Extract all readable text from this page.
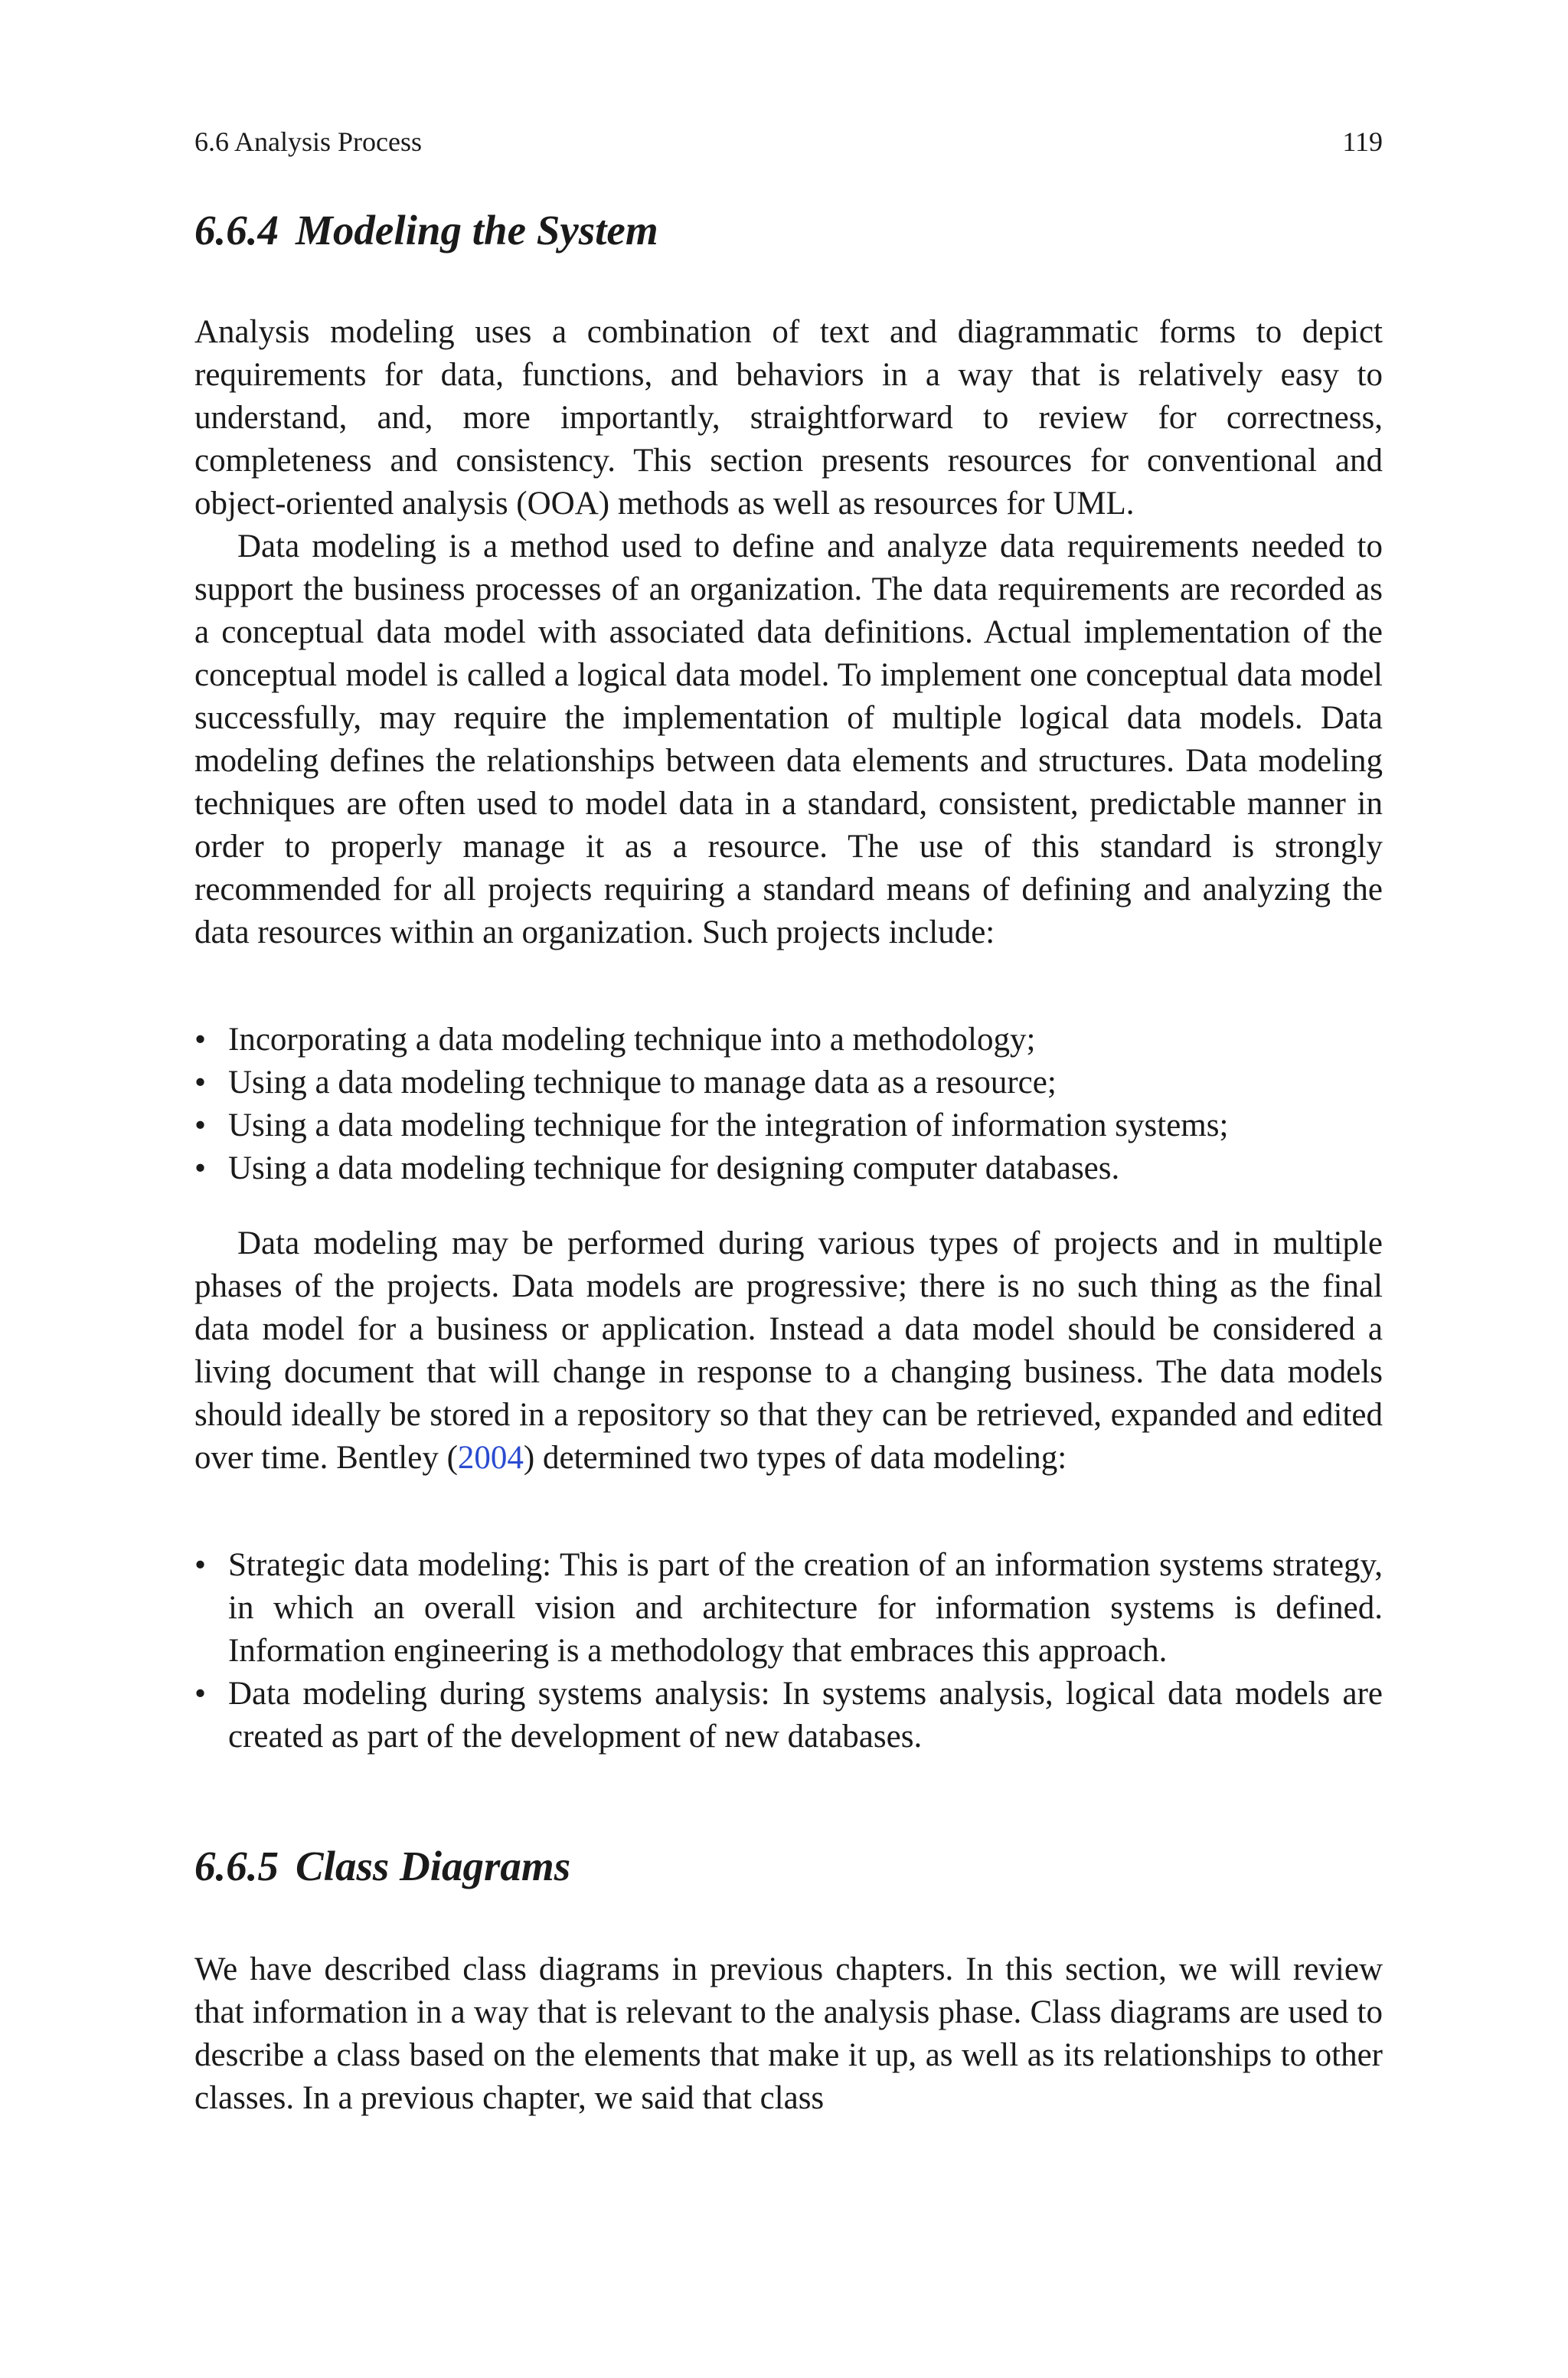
6.6 Analysis Process	119
6.6.4 Modeling the System

Analysis modeling uses a combination of text and diagrammatic forms to depict requirements for data, functions, and behaviors in a way that is relatively easy to understand, and, more importantly, straightforward to review for correctness, completeness and consistency. This section presents resources for conventional and object-oriented analysis (OOA) methods as well as resources for UML.

Data modeling is a method used to define and analyze data requirements needed to support the business processes of an organization. The data requirements are recorded as a conceptual data model with associated data definitions. Actual implementation of the conceptual model is called a logical data model. To implement one conceptual data model successfully, may require the implementation of multiple logical data models. Data modeling defines the relationships between data elements and structures. Data modeling techniques are often used to model data in a standard, consistent, predictable manner in order to properly manage it as a resource. The use of this standard is strongly recommended for all projects requiring a standard means of defining and analyzing the data resources within an organization. Such projects include:

• Incorporating a data modeling technique into a methodology;
• Using a data modeling technique to manage data as a resource;
• Using a data modeling technique for the integration of information systems;
• Using a data modeling technique for designing computer databases.

Data modeling may be performed during various types of projects and in multiple phases of the projects. Data models are progressive; there is no such thing as the final data model for a business or application. Instead a data model should be considered a living document that will change in response to a changing business. The data models should ideally be stored in a repository so that they can be retrieved, expanded and edited over time. Bentley (2004) determined two types of data modeling:

• Strategic data modeling: This is part of the creation of an information systems strategy, in which an overall vision and architecture for information systems is defined. Information engineering is a methodology that embraces this approach.
• Data modeling during systems analysis: In systems analysis, logical data models are created as part of the development of new databases.
6.6.5 Class Diagrams

We have described class diagrams in previous chapters. In this section, we will review that information in a way that is relevant to the analysis phase. Class diagrams are used to describe a class based on the elements that make it up, as well as its relationships to other classes. In a previous chapter, we said that class
